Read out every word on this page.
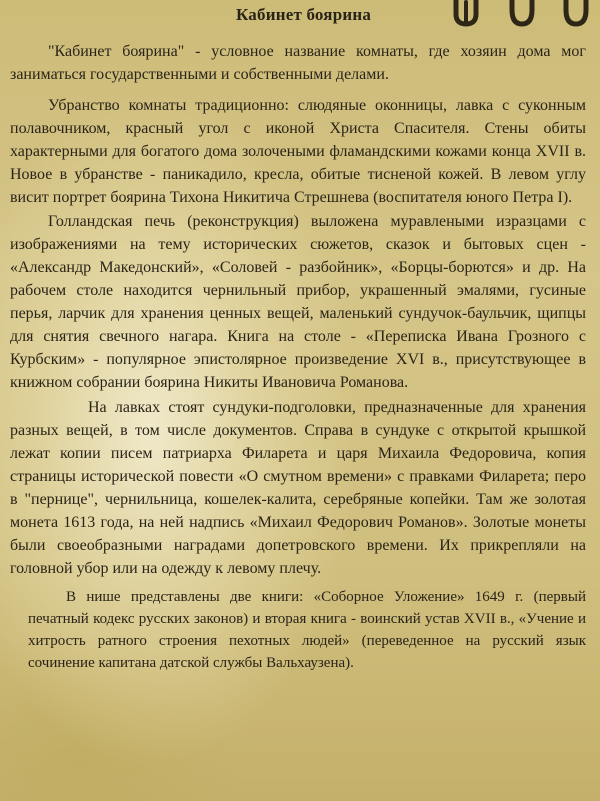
Кабинет боярина

"Кабинет боярина" - условное название комнаты, где хозяин дома мог заниматься государственными и собственными делами.

Убранство комнаты традиционно: слюдяные оконницы, лавка с суконным полавочником, красный угол с иконой Христа Спасителя. Стены обиты характерными для богатого дома золочеными фламандскими кожами конца XVII в. Новое в убранстве - паникадило, кресла, обитые тисненой кожей. В левом углу висит портрет боярина Тихона Никитича Стрешнева (воспитателя юного Петра I).

Голландская печь (реконструкция) выложена муравлеными изразцами с изображениями на тему исторических сюжетов, сказок и бытовых сцен - «Александр Македонский», «Соловей - разбойник», «Борцы-борются» и др. На рабочем столе находится чернильный прибор, украшенный эмалями, гусиные перья, ларчик для хранения ценных вещей, маленький сундучок-баульчик, щипцы для снятия свечного нагара. Книга на столе - «Переписка Ивана Грозного с Курбским» - популярное эпистолярное произведение XVI в., присутствующее в книжном собрании боярина Никиты Ивановича Романова.

На лавках стоят сундуки-подголовки, предназначенные для хранения разных вещей, в том числе документов. Справа в сундуке с открытой крышкой лежат копии писем патриарха Филарета и царя Михаила Федоровича, копия страницы исторической повести «О смутном времени» с правками Филарета; перо в "пернице", чернильница, кошелек-калита, серебряные копейки. Там же золотая монета 1613 года, на ней надпись «Михаил Федорович Романов». Золотые монеты были своеобразными наградами допетровского времени. Их прикрепляли на головной убор или на одежду к левому плечу.

В нише представлены две книги: «Соборное Уложение» 1649 г. (первый печатный кодекс русских законов) и вторая книга - воинский устав XVII в., «Учение и хитрость ратного строения пехотных людей» (переведенное на русский язык сочинение капитана датской службы Вальхаузена).
